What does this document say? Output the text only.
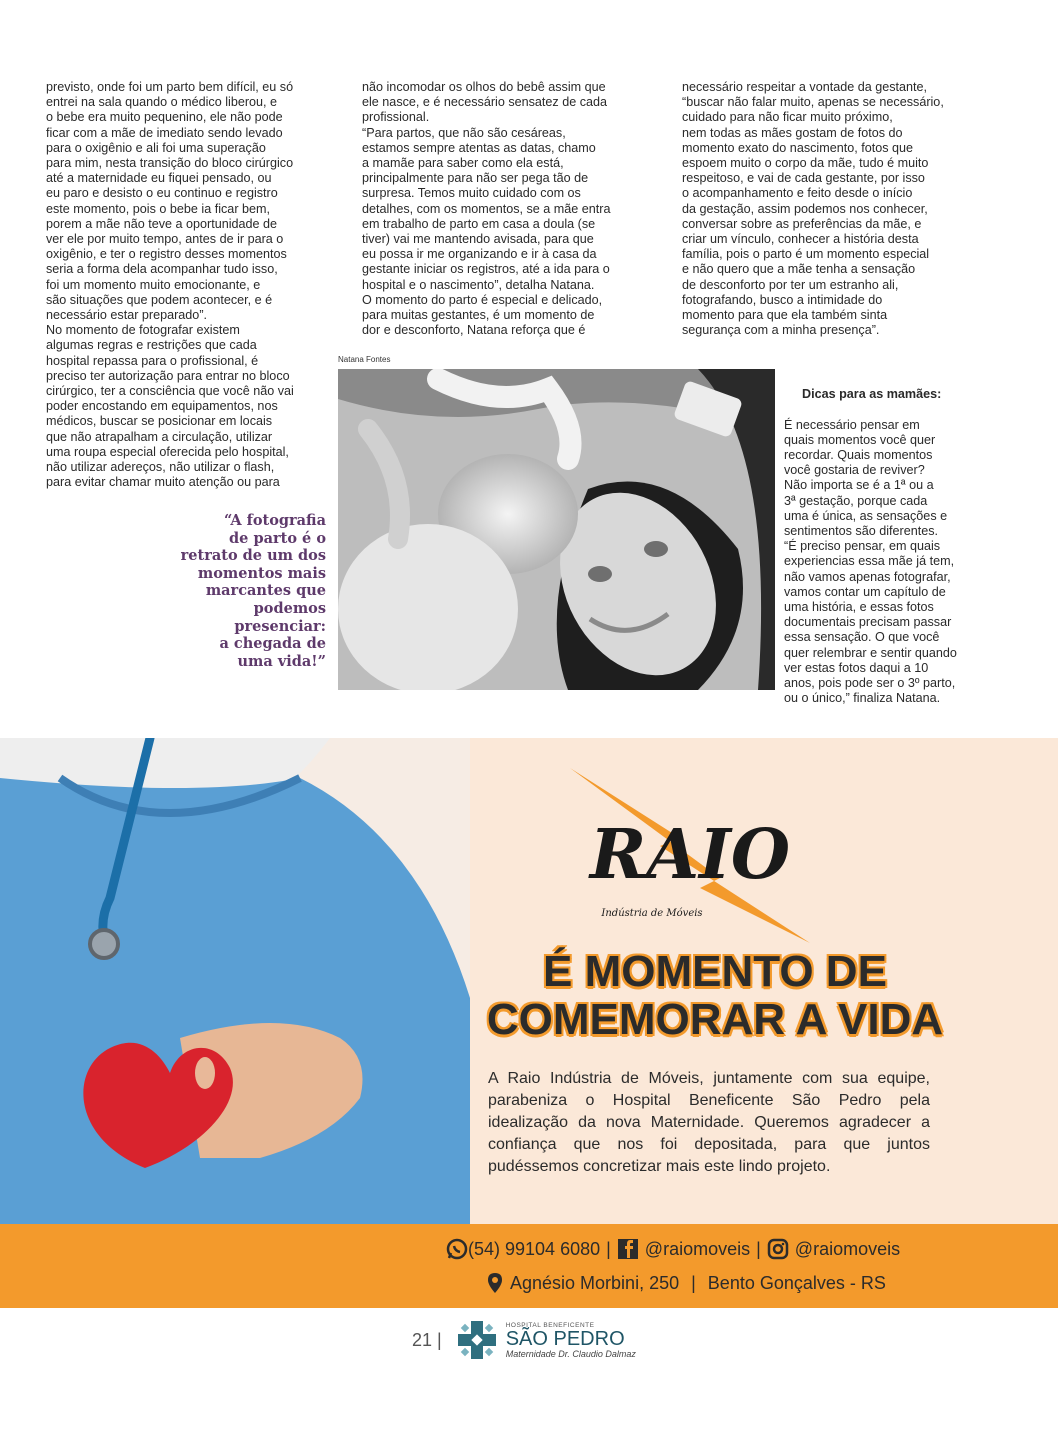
previsto, onde foi um parto bem difícil, eu só
entrei na sala quando o médico liberou, e
o bebe era muito pequenino, ele não pode
ficar com a mãe de imediato sendo levado
para o oxigênio e ali foi uma superação
para mim, nesta transição do bloco cirúrgico
até a maternidade eu fiquei pensado, ou
eu paro e desisto o eu continuo e registro
este momento, pois o bebe ia ficar bem,
porem a mãe não teve a oportunidade de
ver ele por muito tempo, antes de ir para o
oxigênio, e ter o registro desses momentos
seria a forma dela acompanhar tudo isso,
foi um momento muito emocionante, e
são situações que podem acontecer, e é
necessário estar preparado”.
No momento de fotografar existem
algumas regras e restrições que cada
hospital repassa para o profissional, é
preciso ter autorização para entrar no bloco
cirúrgico, ter a consciência que você não vai
poder encostando em equipamentos, nos
médicos, buscar se posicionar em locais
que não atrapalham a circulação, utilizar
uma roupa especial oferecida pelo hospital,
não utilizar adereços, não utilizar o flash,
para evitar chamar muito atenção ou para
não incomodar os olhos do bebê assim que
ele nasce, e é necessário sensatez de cada
profissional.
“Para partos, que não são cesáreas,
estamos sempre atentas as datas, chamo
a mamãe para saber como ela está,
principalmente para não ser pega tão de
surpresa. Temos muito cuidado com os
detalhes, com os momentos, se a mãe entra
em trabalho de parto em casa a doula (se
tiver) vai me mantendo avisada, para que
eu possa ir me organizando e ir à casa da
gestante iniciar os registros, até a ida para o
hospital e o nascimento”, detalha Natana.
O momento do parto é especial e delicado,
para muitas gestantes, é um momento de
dor e desconforto, Natana reforça que é
necessário respeitar a vontade da gestante,
“buscar não falar muito, apenas se necessário,
cuidado para não ficar muito próximo,
nem todas as mães gostam de fotos do
momento exato do nascimento, fotos que
espoem muito o corpo da mãe, tudo é muito
respeitoso, e vai de cada gestante, por isso
o acompanhamento e feito desde o início
da gestação, assim podemos nos conhecer,
conversar sobre as preferências da mãe, e
criar um vínculo, conhecer a história desta
família, pois o parto é um momento especial
e não quero que a mãe tenha a sensação
de desconforto por ter um estranho ali,
fotografando, busco a intimidade do
momento para que ela também sinta
segurança com a minha presença”.
“A fotografia
de parto é o
retrato de um dos
momentos mais
marcantes que
podemos
presenciar:
a chegada de
uma vida!”
Natana Fontes

Dicas para as mamães:

É necessário pensar em
quais momentos você quer
recordar. Quais momentos
você gostaria de reviver?
Não importa se é a 1ª ou a
3ª gestação, porque cada
uma é única, as sensações e
sentimentos são diferentes.
“É preciso pensar, em quais
experiencias essa mãe já tem,
não vamos apenas fotografar,
vamos contar um capítulo de
uma história, e essas fotos
documentais precisam passar
essa sensação. O que você
quer relembrar e sentir quando
ver estas fotos daqui a 10
anos, pois pode ser o 3º parto,
ou o único,” finaliza Natana.

RAIO
Indústria de Móveis
É MOMENTO DE
COMEMORAR A VIDA
A Raio Indústria de Móveis, juntamente com sua equipe, parabeniza o Hospital Beneficente São Pedro pela idealização da nova Maternidade. Queremos agradecer a confiança que nos foi depositada, para que juntos pudéssemos concretizar mais este lindo projeto.
(54) 99104 6080 | @raiomoveis | @raiomoveis
Agnésio Morbini, 250 | Bento Gonçalves - RS
21 |
HOSPITAL BENEFICENTE
SÃO PEDRO
Maternidade Dr. Claudio Dalmaz
